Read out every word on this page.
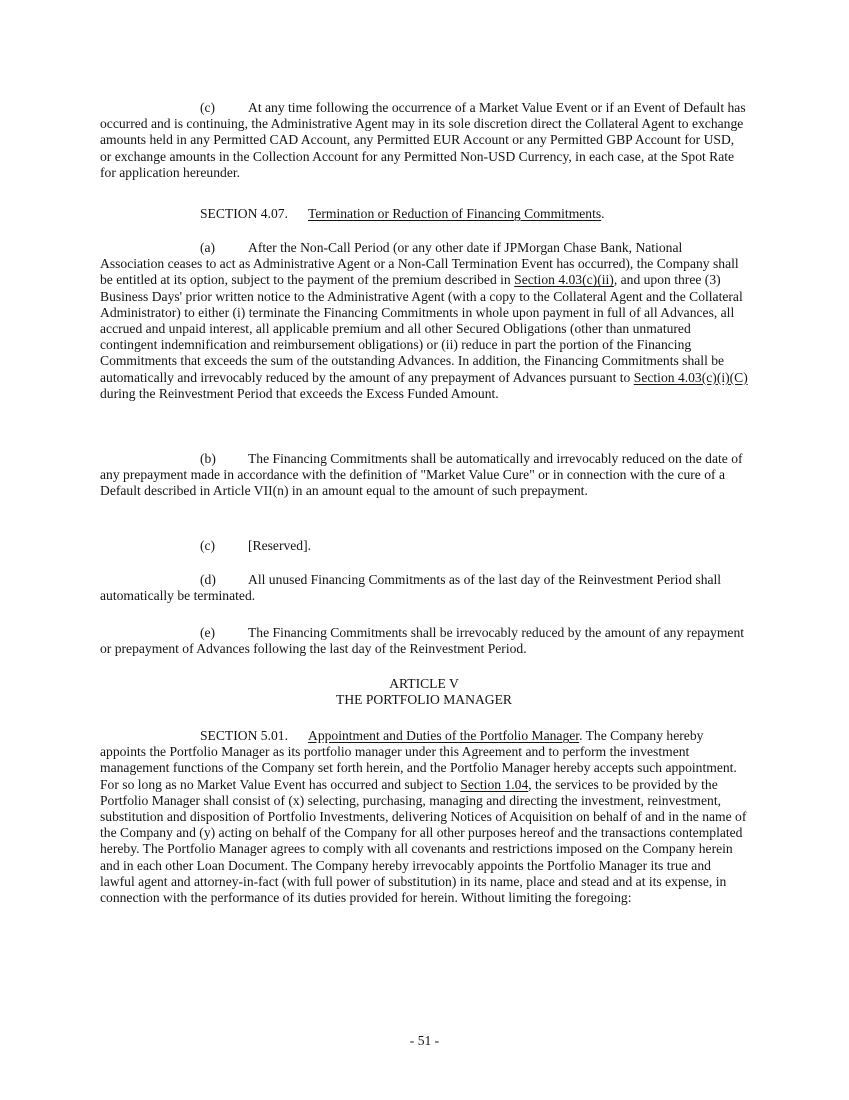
(c) At any time following the occurrence of a Market Value Event or if an Event of Default has occurred and is continuing, the Administrative Agent may in its sole discretion direct the Collateral Agent to exchange amounts held in any Permitted CAD Account, any Permitted EUR Account or any Permitted GBP Account for USD, or exchange amounts in the Collection Account for any Permitted Non-USD Currency, in each case, at the Spot Rate for application hereunder.

SECTION 4.07. Termination or Reduction of Financing Commitments.

(a) After the Non-Call Period (or any other date if JPMorgan Chase Bank, National Association ceases to act as Administrative Agent or a Non-Call Termination Event has occurred), the Company shall be entitled at its option, subject to the payment of the premium described in Section 4.03(c)(ii), and upon three (3) Business Days' prior written notice to the Administrative Agent (with a copy to the Collateral Agent and the Collateral Administrator) to either (i) terminate the Financing Commitments in whole upon payment in full of all Advances, all accrued and unpaid interest, all applicable premium and all other Secured Obligations (other than unmatured contingent indemnification and reimbursement obligations) or (ii) reduce in part the portion of the Financing Commitments that exceeds the sum of the outstanding Advances. In addition, the Financing Commitments shall be automatically and irrevocably reduced by the amount of any prepayment of Advances pursuant to Section 4.03(c)(i)(C) during the Reinvestment Period that exceeds the Excess Funded Amount.

(b) The Financing Commitments shall be automatically and irrevocably reduced on the date of any prepayment made in accordance with the definition of "Market Value Cure" or in connection with the cure of a Default described in Article VII(n) in an amount equal to the amount of such prepayment.

(c) [Reserved].

(d) All unused Financing Commitments as of the last day of the Reinvestment Period shall automatically be terminated.

(e) The Financing Commitments shall be irrevocably reduced by the amount of any repayment or prepayment of Advances following the last day of the Reinvestment Period.

ARTICLE V
THE PORTFOLIO MANAGER

SECTION 5.01. Appointment and Duties of the Portfolio Manager. The Company hereby appoints the Portfolio Manager as its portfolio manager under this Agreement and to perform the investment management functions of the Company set forth herein, and the Portfolio Manager hereby accepts such appointment. For so long as no Market Value Event has occurred and subject to Section 1.04, the services to be provided by the Portfolio Manager shall consist of (x) selecting, purchasing, managing and directing the investment, reinvestment, substitution and disposition of Portfolio Investments, delivering Notices of Acquisition on behalf of and in the name of the Company and (y) acting on behalf of the Company for all other purposes hereof and the transactions contemplated hereby. The Portfolio Manager agrees to comply with all covenants and restrictions imposed on the Company herein and in each other Loan Document. The Company hereby irrevocably appoints the Portfolio Manager its true and lawful agent and attorney-in-fact (with full power of substitution) in its name, place and stead and at its expense, in connection with the performance of its duties provided for herein. Without limiting the foregoing:

- 51 -
